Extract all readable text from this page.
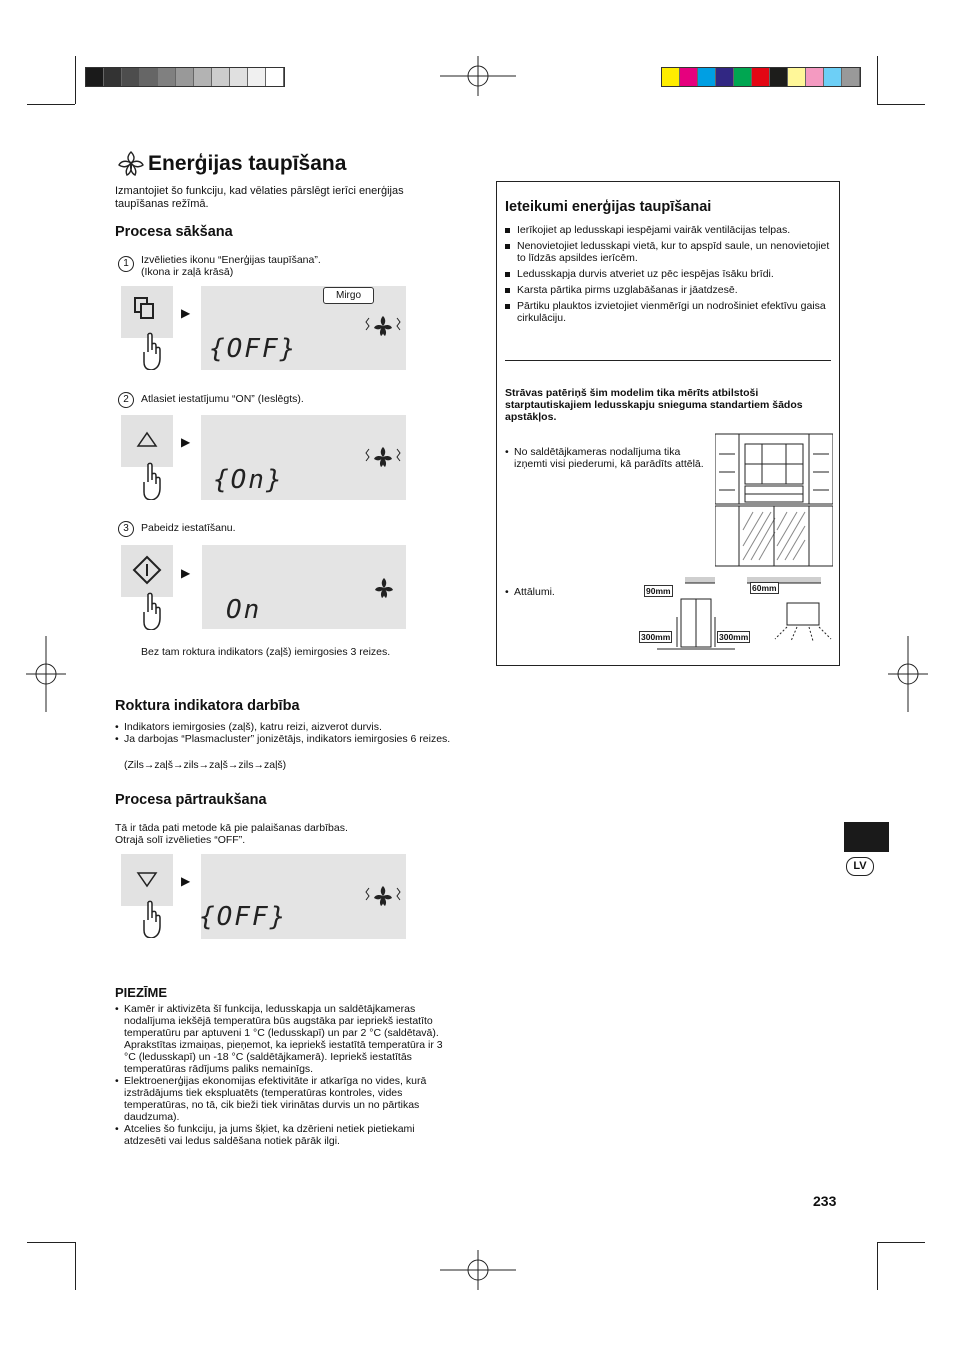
Enerģijas taupīšana
Izmantojiet šo funkciju, kad vēlaties pārslēgt ierīci enerģijas taupīšanas režīmā.
Procesa sākšana
1	Izvēlieties ikonu “Enerģijas taupīšana”.
(Ikona ir zaļā krāsā)
▶
Mirgo
{OFF}
2	Atlasiet iestatījumu “ON” (Ieslēgts).
▶
{On}
3	Pabeidz iestatīšanu.
▶
On
Bez tam roktura indikators (zaļš) iemirgosies 3 reizes.
Roktura indikatora darbība
• Indikators iemirgosies (zaļš), katru reizi, aizverot durvis.
• Ja darbojas “Plasmacluster” jonizētājs, indikators iemirgosies 6 reizes.
(Zils→zaļš→zils→zaļš→zils→zaļš)
Procesa pārtraukšana
Tā ir tāda pati metode kā pie palaišanas darbības.
Otrajā solī izvēlieties “OFF”.
▶
{OFF}
PIEZĪME
• Kamēr ir aktivizēta šī funkcija, ledusskapja un saldētājkameras nodalījuma iekšējā temperatūra būs augstāka par iepriekš iestatīto temperatūru par aptuveni 1 °C (ledusskapī) un par 2 °C (saldētavā). Aprakstītas izmaiņas, pieņemot, ka iepriekš iestatītā temperatūra ir 3 °C (ledusskapī) un -18 °C (saldētājkamerā). Iepriekš iestatītās temperatūras rādījums paliks nemainīgs.
• Elektroenerģijas ekonomijas efektivitāte ir atkarīga no vides, kurā izstrādājums tiek ekspluatēts (temperatūras kontroles, vides temperatūras, no tā, cik bieži tiek virinātas durvis un no pārtikas daudzuma).
• Atcelies šo funkciju, ja jums šķiet, ka dzērieni netiek pietiekami atdzesēti vai ledus saldēšana notiek pārāk ilgi.
Ieteikumi enerģijas taupīšanai
Ierīkojiet ap ledusskapi iespējami vairāk ventilācijas telpas.
Nenovietojiet ledusskapi vietā, kur to apspīd saule, un nenovietojiet to līdzās apsildes ierīcēm.
Ledusskapja durvis atveriet uz pēc iespējas īsāku brīdi.
Karsta pārtika pirms uzglabāšanas ir jāatdzesē.
Pārtiku plauktos izvietojiet vienmērīgi un nodrošiniet efektīvu gaisa cirkulāciju.
Strāvas patēriņš šim modelim tika mērīts atbilstoši starptautiskajiem ledusskapju snieguma standartiem šādos apstākļos.
• No saldētājkameras nodalījuma tika izņemti visi piederumi, kā parādīts attēlā.
• Attālumi.	90mm	60mm
300mm	300mm
LV
233
